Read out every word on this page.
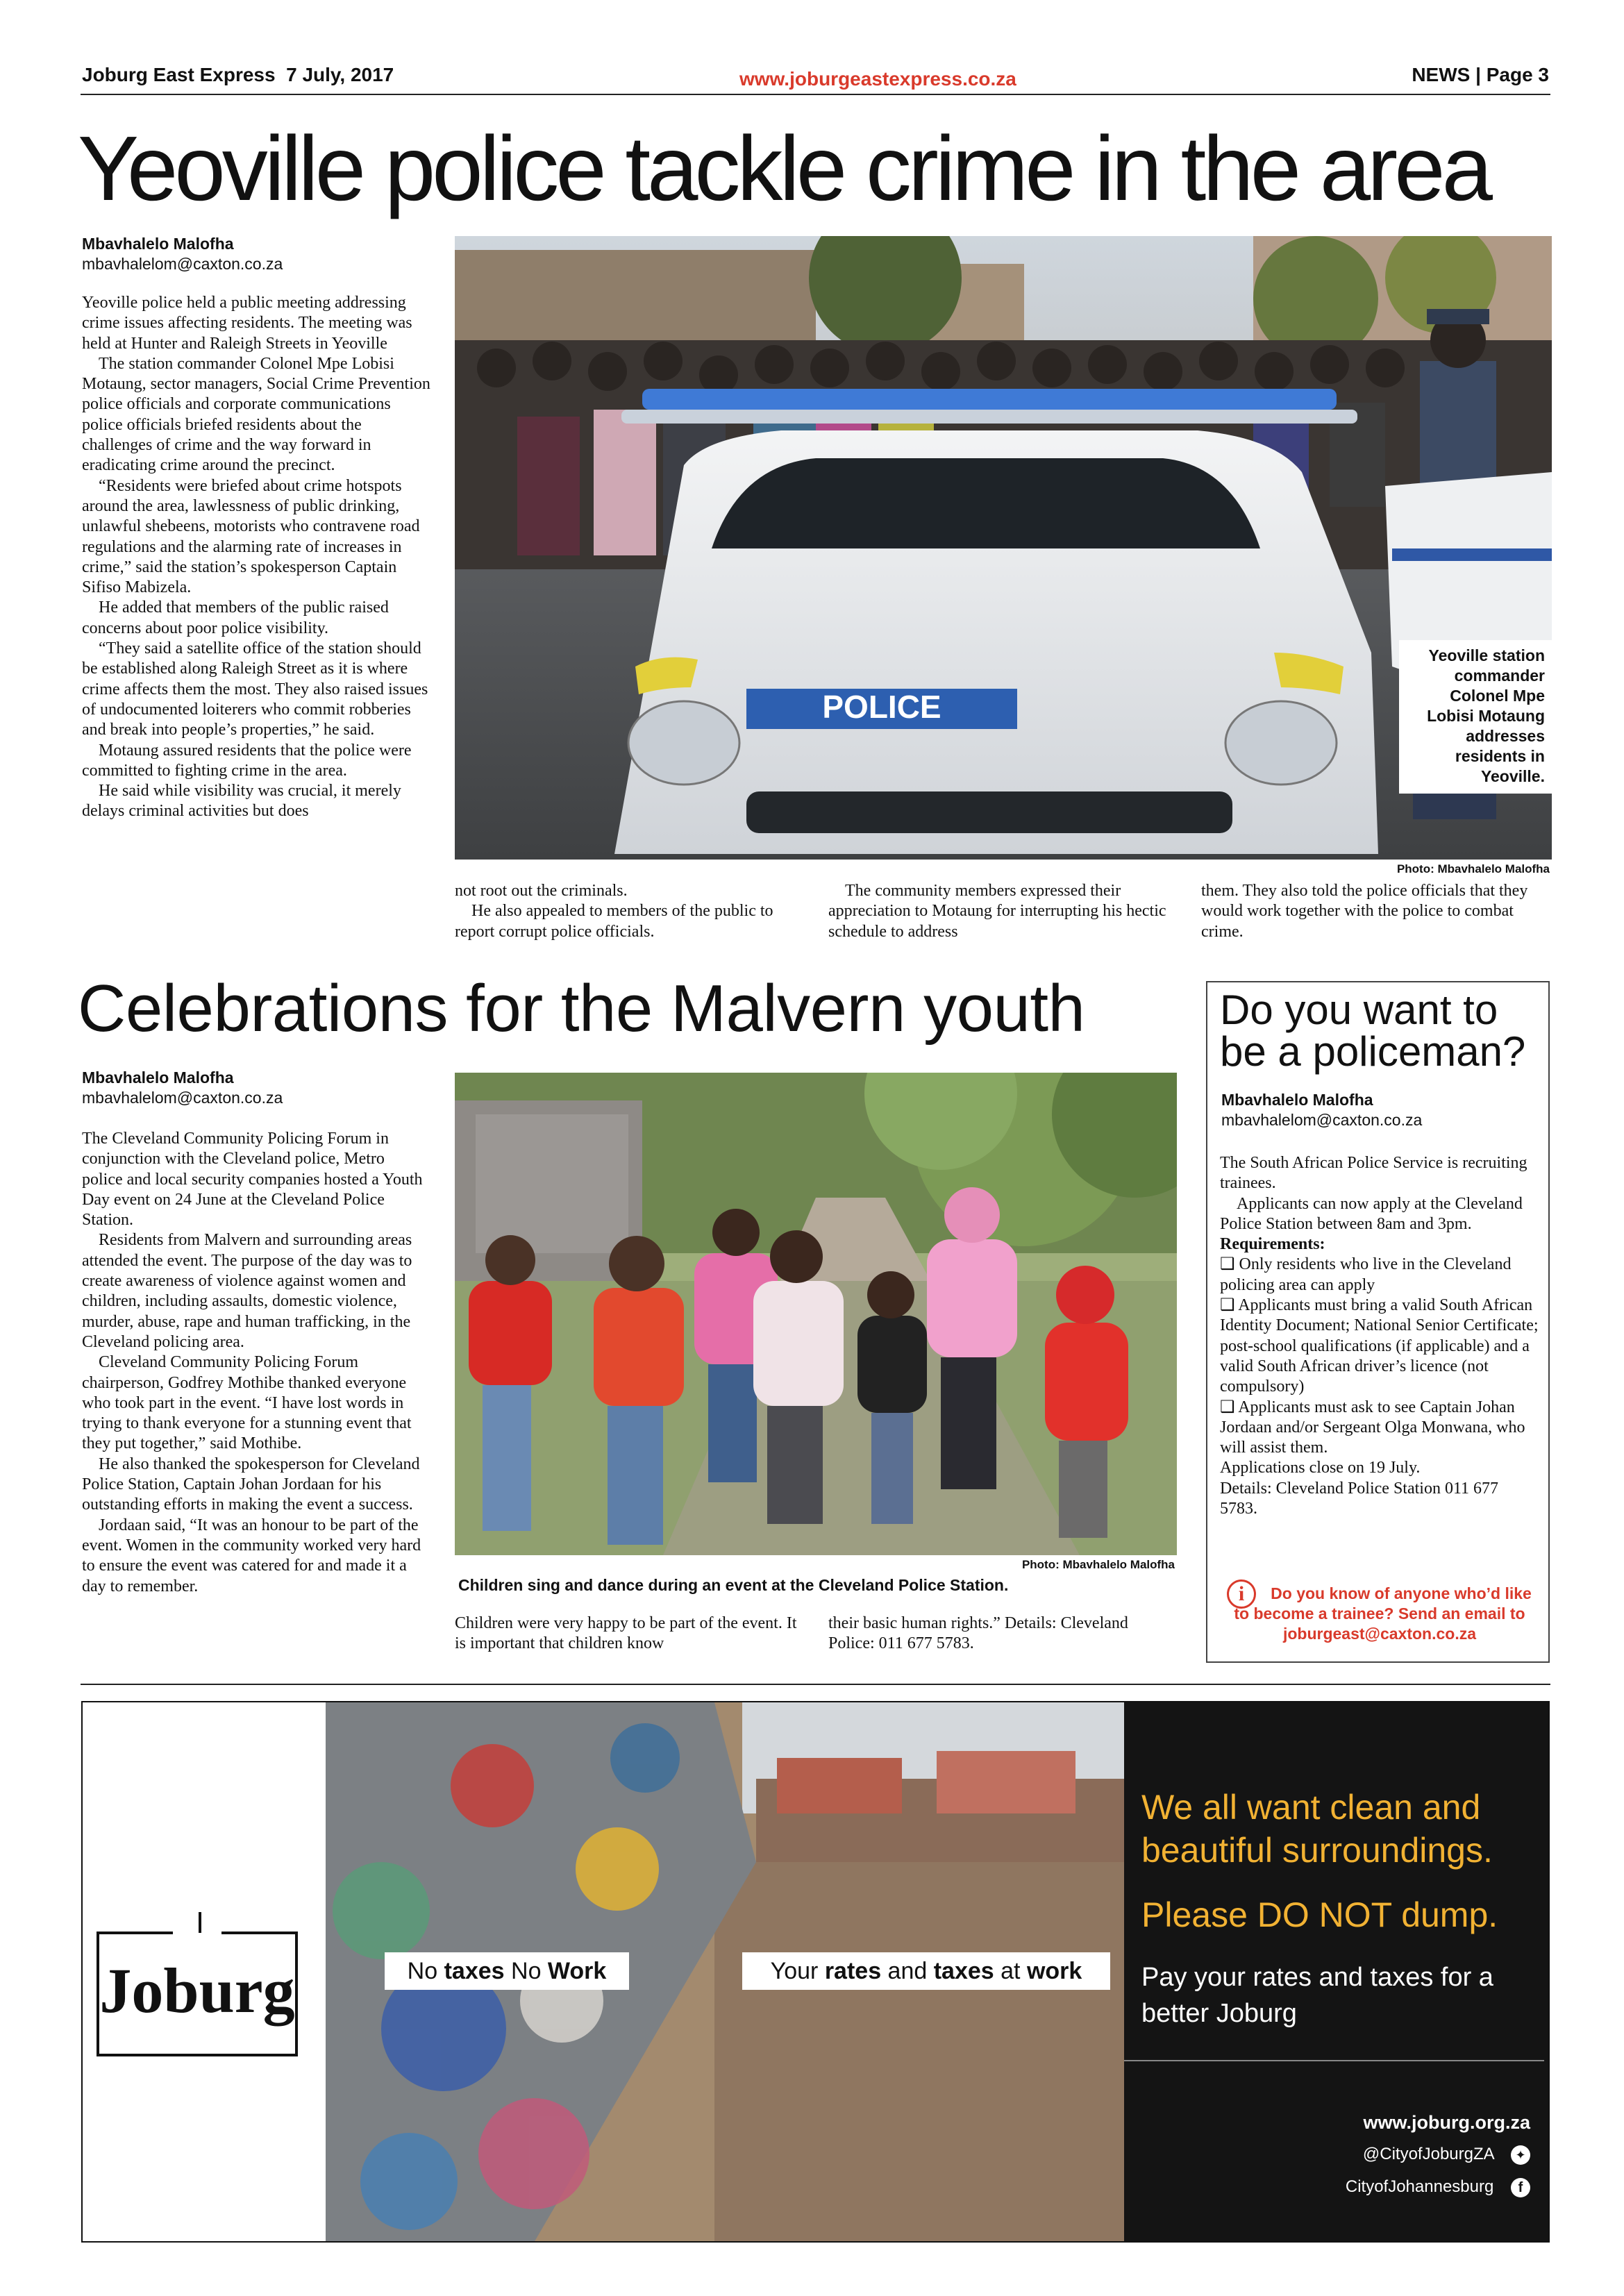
Joburg East Express  7 July, 2017	www.joburgeastexpress.co.za	NEWS | Page 3
Yeoville police tackle crime in the area
Mbavhalelo Malofha
mbavhalelom@caxton.co.za

Yeoville police held a public meeting addressing crime issues affecting residents. The meeting was held at Hunter and Raleigh Streets in Yeoville

The station commander Colonel Mpe Lobisi Motaung, sector managers, Social Crime Prevention police officials and corporate communications police officials briefed residents about the challenges of crime and the way forward in eradicating crime around the precinct.

“Residents were briefed about crime hotspots around the area, lawlessness of public drinking, unlawful shebeens, motorists who contravene road regulations and the alarming rate of increases in crime,” said the station’s spokesperson Captain Sifiso Mabizela.

He added that members of the public raised concerns about poor police visibility.

“They said a satellite office of the station should be established along Raleigh Street as it is where crime affects them the most. They also raised issues of undocumented loiterers who commit robberies and break into people’s properties,” he said.

Motaung assured residents that the police were committed to fighting crime in the area.

He said while visibility was crucial, it merely delays criminal activities but does

POLICE
Yeoville station commander Colonel Mpe Lobisi Motaung addresses residents in Yeoville.
Photo: Mbavhalelo Malofha

not root out the criminals.

He also appealed to members of the public to report corrupt police officials.

The community members expressed their appreciation to Motaung for interrupting his hectic schedule to address

them. They also told the police officials that they would work together with the police to combat crime.

Celebrations for the Malvern youth
Mbavhalelo Malofha
mbavhalelom@caxton.co.za

The Cleveland Community Policing Forum in conjunction with the Cleveland police, Metro police and local security companies hosted a Youth Day event on 24 June at the Cleveland Police Station.

Residents from Malvern and surrounding areas attended the event. The purpose of the day was to create awareness of violence against women and children, including assaults, domestic violence, murder, abuse, rape and human trafficking, in the Cleveland policing area.

Cleveland Community Policing Forum chairperson, Godfrey Mothibe thanked everyone who took part in the event. “I have lost words in trying to thank everyone for a stunning event that they put together,” said Mothibe.

He also thanked the spokesperson for Cleveland Police Station, Captain Johan Jordaan for his outstanding efforts in making the event a success.

Jordaan said, “It was an honour to be part of the event. Women in the community worked very hard to ensure the event was catered for and made it a day to remember.

Photo: Mbavhalelo Malofha
Children sing and dance during an event at the Cleveland Police Station.
Children were very happy to be part of the event. It is important that children know
their basic human rights.” Details: Cleveland Police: 011 677 5783.
Do you want to be a policeman?
Mbavhalelo Malofha
mbavhalelom@caxton.co.za

The South African Police Service is recruiting trainees.

Applicants can now apply at the Cleveland Police Station between 8am and 3pm.

Requirements:

❑ Only residents who live in the Cleveland policing area can apply

❑ Applicants must bring a valid South African Identity Document; National Senior Certificate; post-school qualifications (if applicable) and a valid South African driver’s licence (not compulsory)

❑ Applicants must ask to see Captain Johan Jordaan and/or Sergeant Olga Monwana, who will assist them.

Applications close on 19 July.

Details: Cleveland Police Station 011 677 5783.

i	Do you know of anyone who’d like to become a trainee? Send an email to joburgeast@caxton.co.za
Joburg	No taxes No Work	Your rates and taxes at work
We all want clean and beautiful surroundings.
Please DO NOT dump.
Pay your rates and taxes for a better Joburg
www.joburg.org.za
@CityofJoburgZA ✦
CityofJohannesburg f
